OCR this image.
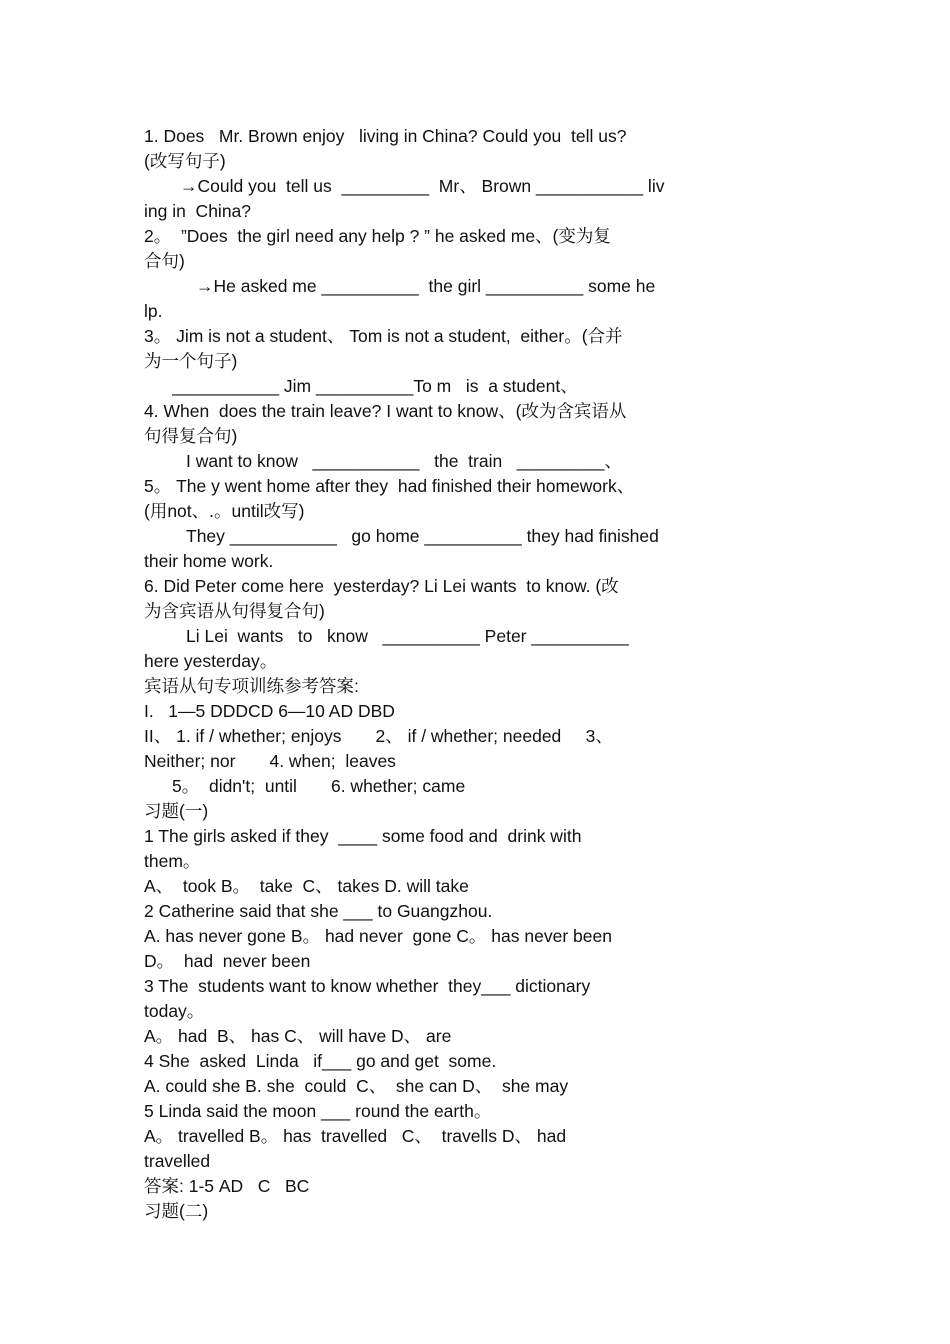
1. Does   Mr. Brown enjoy   living in China? Could you  tell us?
(改写句子)
→Could you  tell us  _________  Mr、 Brown ___________ liv
ing in  China?
2。  ”Does  the girl need any help ? ” he asked me、(变为复
合句)
→He asked me __________  the girl __________ some he
lp.
3。 Jim is not a student、 Tom is not a student,  either。(合并
为一个句子)
___________ Jim __________To m   is  a student、
4. When  does the train leave? I want to know、(改为含宾语从
句得复合句)
I want to know   ___________   the  train   _________、
5。 The y went home after they  had finished their homework、
(用not、.。until改写)
They ___________   go home __________ they had finished
their home work.
6. Did Peter come here  yesterday? Li Lei wants  to know. (改
为含宾语从句得复合句)
Li Lei  wants   to   know   __________ Peter __________
here yesterday。
宾语从句专项训练参考答案:
I.   1—5 DDDCD 6—10 AD DBD
II、 1. if / whether; enjoys       2、 if / whether; needed     3、
Neither; nor       4. when;  leaves
5。  didn't;  until       6. whether; came
习题(一)
1 The girls asked if they  ____ some food and  drink with
them。
A、  took B。  take  C、 takes D. will take
2 Catherine said that she ___ to Guangzhou.
A. has never gone B。 had never  gone C。 has never been
D。  had  never been
3 The  students want to know whether  they___ dictionary
today。
A。 had  B、 has C、 will have D、 are
4 She  asked  Linda   if___ go and get  some.
A. could she B. she  could  C、  she can D、  she may
5 Linda said the moon ___ round the earth。
A。 travelled B。 has  travelled   C、  travells D、 had
travelled
答案: 1-5 AD   C   BC
习题(二)
